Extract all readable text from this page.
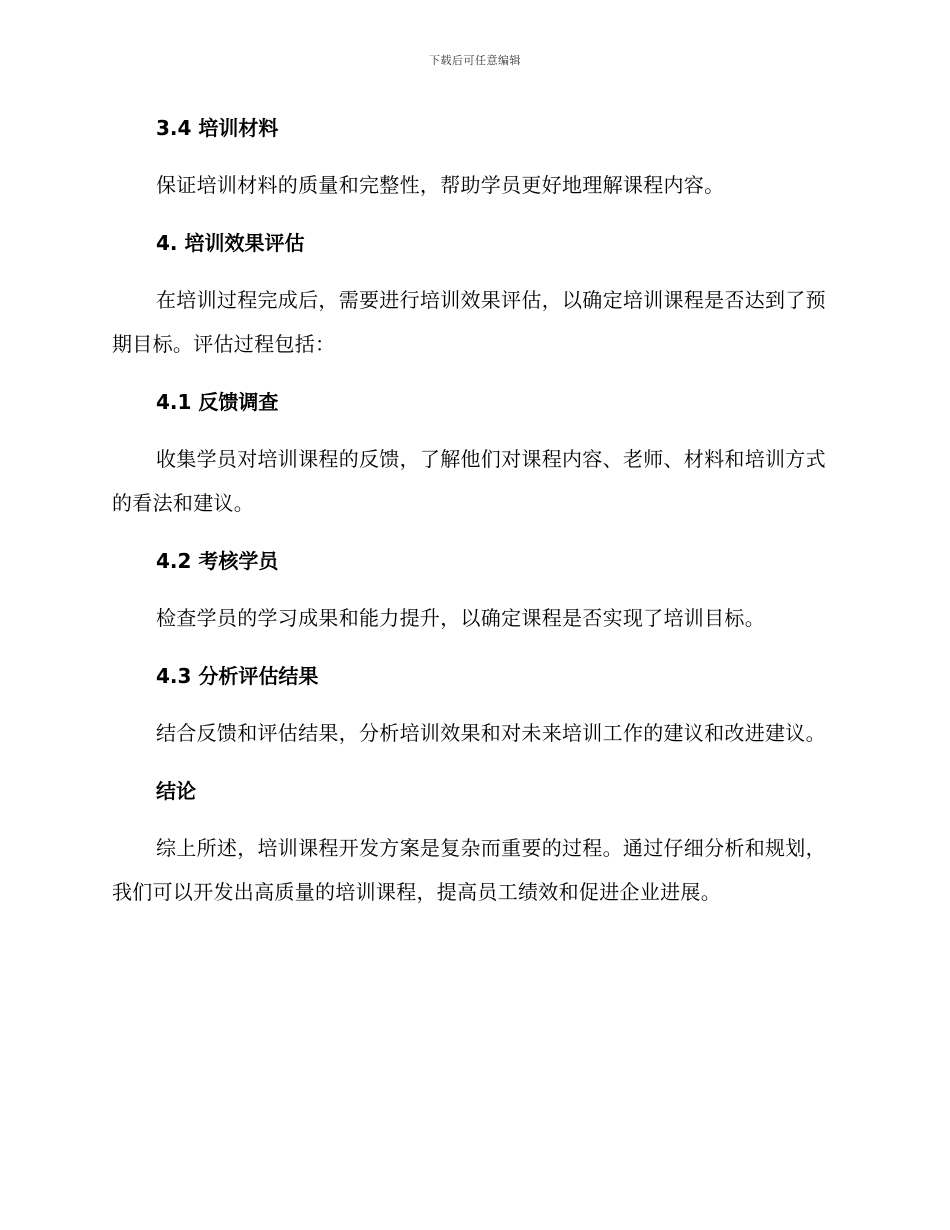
下载后可任意编辑
3.4 培训材料
保证培训材料的质量和完整性，帮助学员更好地理解课程内容。
4. 培训效果评估
在培训过程完成后，需要进行培训效果评估，以确定培训课程是否达到了预期目标。评估过程包括：
4.1 反馈调查
收集学员对培训课程的反馈，了解他们对课程内容、老师、材料和培训方式的看法和建议。
4.2 考核学员
检查学员的学习成果和能力提升，以确定课程是否实现了培训目标。
4.3 分析评估结果
结合反馈和评估结果，分析培训效果和对未来培训工作的建议和改进建议。
结论
综上所述，培训课程开发方案是复杂而重要的过程。通过仔细分析和规划，我们可以开发出高质量的培训课程，提高员工绩效和促进企业进展。
